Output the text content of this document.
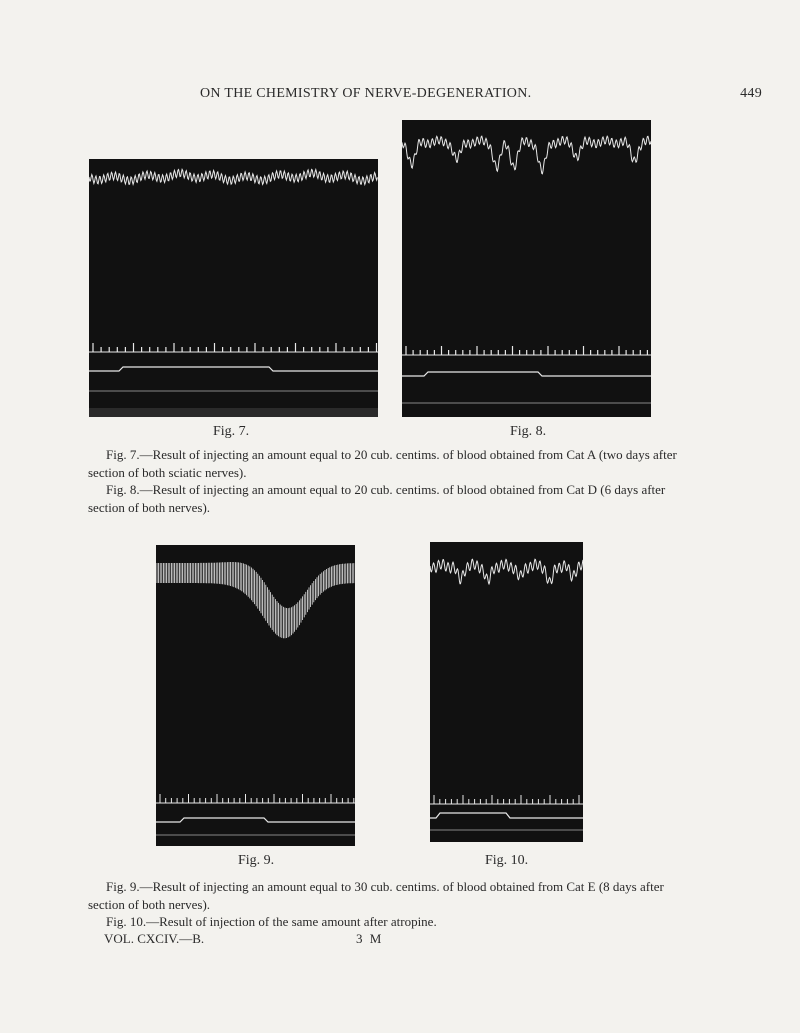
ON THE CHEMISTRY OF NERVE-DEGENERATION.	449
Fig. 7.	Fig. 8.

Fig. 7.—Result of injecting an amount equal to 20 cub. centims. of blood obtained from Cat A (two days after section of both sciatic nerves).

Fig. 8.—Result of injecting an amount equal to 20 cub. centims. of blood obtained from Cat D (6 days after section of both nerves).

Fig. 9.	Fig. 10.

Fig. 9.—Result of injecting an amount equal to 30 cub. centims. of blood obtained from Cat E (8 days after section of both nerves).

Fig. 10.—Result of injection of the same amount after atropine.

VOL. CXCIV.—B.	3 M
